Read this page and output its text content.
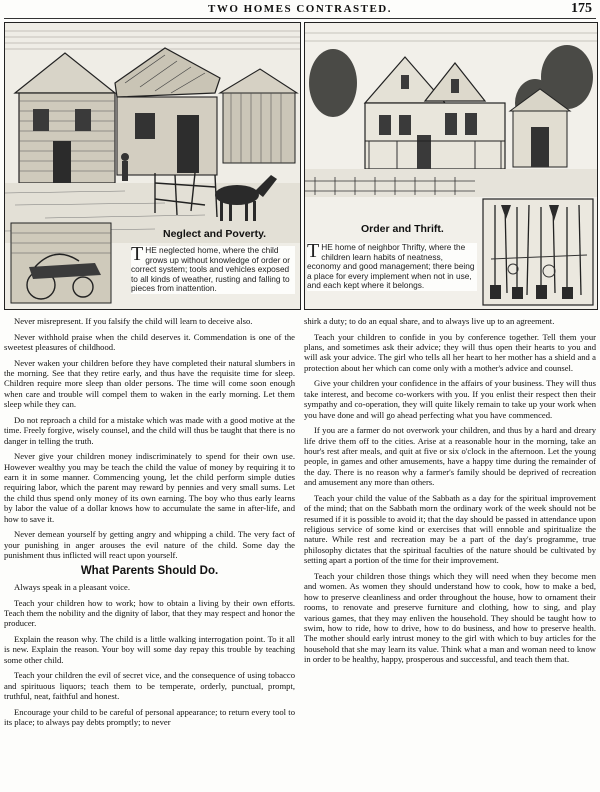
TWO HOMES CONTRASTED.	175
Neglect and Poverty.
THE neglected home, where the child grows up without knowledge of order or correct system; tools and vehicles exposed to all kinds of weather, rusting and falling to pieces from inattention.
Order and Thrift.
THE home of neighbor Thrifty, where the children learn habits of neatness, economy and good management; there being a place for every implement when not in use, and each kept where it belongs.

Never misrepresent. If you falsify the child will learn to deceive also.

Never withhold praise when the child deserves it. Commendation is one of the sweetest pleasures of childhood.

Never waken your children before they have completed their natural slumbers in the morning. See that they retire early, and thus have the requisite time for sleep. Children require more sleep than older persons. The time will come soon enough when care and trouble will compel them to waken in the early morning. Let them sleep while they can.

Do not reproach a child for a mistake which was made with a good motive at the time. Freely forgive, wisely counsel, and the child will thus be taught that there is no danger in telling the truth.

Never give your children money indiscriminately to spend for their own use. However wealthy you may be teach the child the value of money by requiring it to earn it in some manner. Commencing young, let the child perform simple duties requiring labor, which the parent may reward by pennies and very small sums. Let the child thus spend only money of its own earning. The boy who thus early learns by labor the value of a dollar knows how to accumulate the same in after-life, and how to save it.

Never demean yourself by getting angry and whipping a child. The very fact of your punishing in anger arouses the evil nature of the child. Some day the punishment thus inflicted will react upon yourself.

What Parents Should Do.

Always speak in a pleasant voice.

Teach your children how to work; how to obtain a living by their own efforts. Teach them the nobility and the dignity of labor, that they may respect and honor the producer.

Explain the reason why. The child is a little walking interrogation point. To it all is new. Explain the reason. Your boy will some day repay this trouble by teaching some other child.

Teach your children the evil of secret vice, and the consequence of using tobacco and spirituous liquors; teach them to be temperate, orderly, punctual, prompt, truthful, neat, faithful and honest.

Encourage your child to be careful of personal appearance; to return every tool to its place; to always pay debts promptly; to never

shirk a duty; to do an equal share, and to always live up to an agreement.

Teach your children to confide in you by conference together. Tell them your plans, and sometimes ask their advice; they will thus open their hearts to you and will ask your advice. The girl who tells all her heart to her mother has a shield and a protection about her which can come only with a mother's advice and counsel.

Give your children your confidence in the affairs of your business. They will thus take interest, and become co-workers with you. If you enlist their respect then their sympathy and co-operation, they will quite likely remain to take up your work when you have done and will go ahead perfecting what you have commenced.

If you are a farmer do not overwork your children, and thus by a hard and dreary life drive them off to the cities. Arise at a reasonable hour in the morning, take an hour's rest after meals, and quit at five or six o'clock in the afternoon. Let the young people, in games and other amusements, have a happy time during the remainder of the day. There is no reason why a farmer's family should be deprived of recreation and amusement any more than others.

Teach your child the value of the Sabbath as a day for the spiritual improvement of the mind; that on the Sabbath morn the ordinary work of the week should not be resumed if it is possible to avoid it; that the day should be passed in attendance upon religious service of some kind or exercises that will ennoble and spiritualize the nature. While rest and recreation may be a part of the day's programme, true philosophy dictates that the spiritual faculties of the nature should be cultivated by setting apart a portion of the time for their improvement.

Teach your children those things which they will need when they become men and women. As women they should understand how to cook, how to make a bed, how to preserve cleanliness and order throughout the house, how to ornament their rooms, to renovate and preserve furniture and clothing, how to sing, and play various games, that they may enliven the household. They should be taught how to swim, how to ride, how to drive, how to do business, and how to preserve health. The mother should early intrust money to the girl with which to buy articles for the household that she may learn its value. Think what a man and woman need to know in order to be healthy, happy, prosperous and successful, and teach them that.
